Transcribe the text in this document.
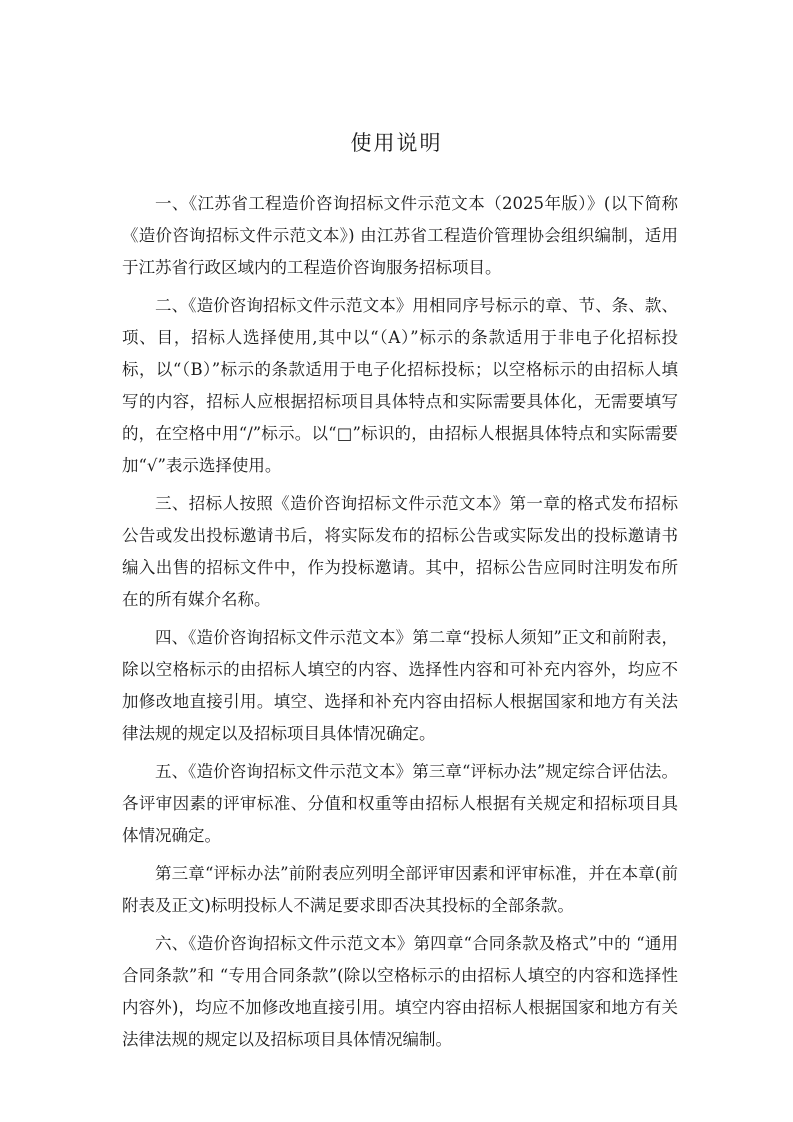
使用说明

一、《江苏省工程造价咨询招标文件示范文本（2025年版）》(以下简称《造价咨询招标文件示范文本》) 由江苏省工程造价管理协会组织编制，适用于江苏省行政区域内的工程造价咨询服务招标项目。

二、《造价咨询招标文件示范文本》用相同序号标示的章、节、条、款、项、目，招标人选择使用,其中以“（A）”标示的条款适用于非电子化招标投标，以“（B）”标示的条款适用于电子化招标投标；以空格标示的由招标人填写的内容，招标人应根据招标项目具体特点和实际需要具体化，无需要填写的，在空格中用“/”标示。以“□”标识的，由招标人根据具体特点和实际需要加“√”表示选择使用。

三、招标人按照《造价咨询招标文件示范文本》第一章的格式发布招标公告或发出投标邀请书后，将实际发布的招标公告或实际发出的投标邀请书编入出售的招标文件中，作为投标邀请。其中，招标公告应同时注明发布所在的所有媒介名称。

四、《造价咨询招标文件示范文本》第二章“投标人须知”正文和前附表，除以空格标示的由招标人填空的内容、选择性内容和可补充内容外，均应不加修改地直接引用。填空、选择和补充内容由招标人根据国家和地方有关法律法规的规定以及招标项目具体情况确定。

五、《造价咨询招标文件示范文本》第三章“评标办法”规定综合评估法。各评审因素的评审标准、分值和权重等由招标人根据有关规定和招标项目具体情况确定。

第三章“评标办法”前附表应列明全部评审因素和评审标准，并在本章(前附表及正文)标明投标人不满足要求即否决其投标的全部条款。

六、《造价咨询招标文件示范文本》第四章“合同条款及格式”中的 “通用合同条款”和 “专用合同条款”(除以空格标示的由招标人填空的内容和选择性内容外)，均应不加修改地直接引用。填空内容由招标人根据国家和地方有关法律法规的规定以及招标项目具体情况编制。
